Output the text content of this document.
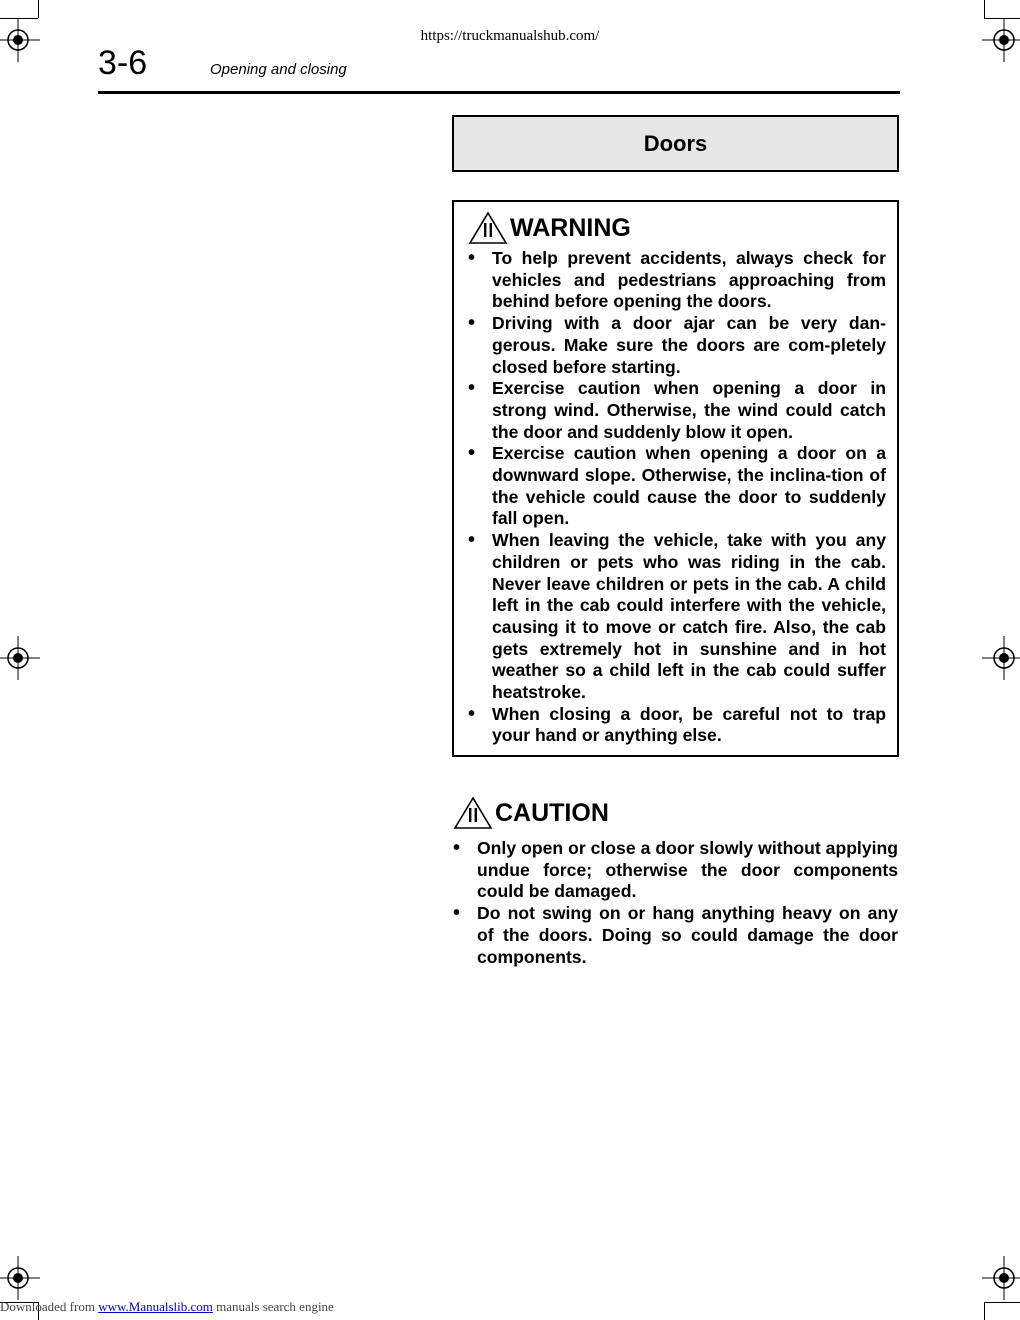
https://truckmanualshub.com/
3-6	Opening and closing
Doors
WARNING
• To help prevent accidents, always check for vehicles and pedestrians approaching from behind before opening the doors.
• Driving with a door ajar can be very dan-gerous. Make sure the doors are com-pletely closed before starting.
• Exercise caution when opening a door in strong wind. Otherwise, the wind could catch the door and suddenly blow it open.
• Exercise caution when opening a door on a downward slope. Otherwise, the inclina-tion of the vehicle could cause the door to suddenly fall open.
• When leaving the vehicle, take with you any children or pets who was riding in the cab. Never leave children or pets in the cab. A child left in the cab could interfere with the vehicle, causing it to move or catch fire. Also, the cab gets extremely hot in sunshine and in hot weather so a child left in the cab could suffer heatstroke.
• When closing a door, be careful not to trap your hand or anything else.
CAUTION
• Only open or close a door slowly without applying undue force; otherwise the door components could be damaged.
• Do not swing on or hang anything heavy on any of the doors. Doing so could damage the door components.
Downloaded from www.Manualslib.com manuals search engine
